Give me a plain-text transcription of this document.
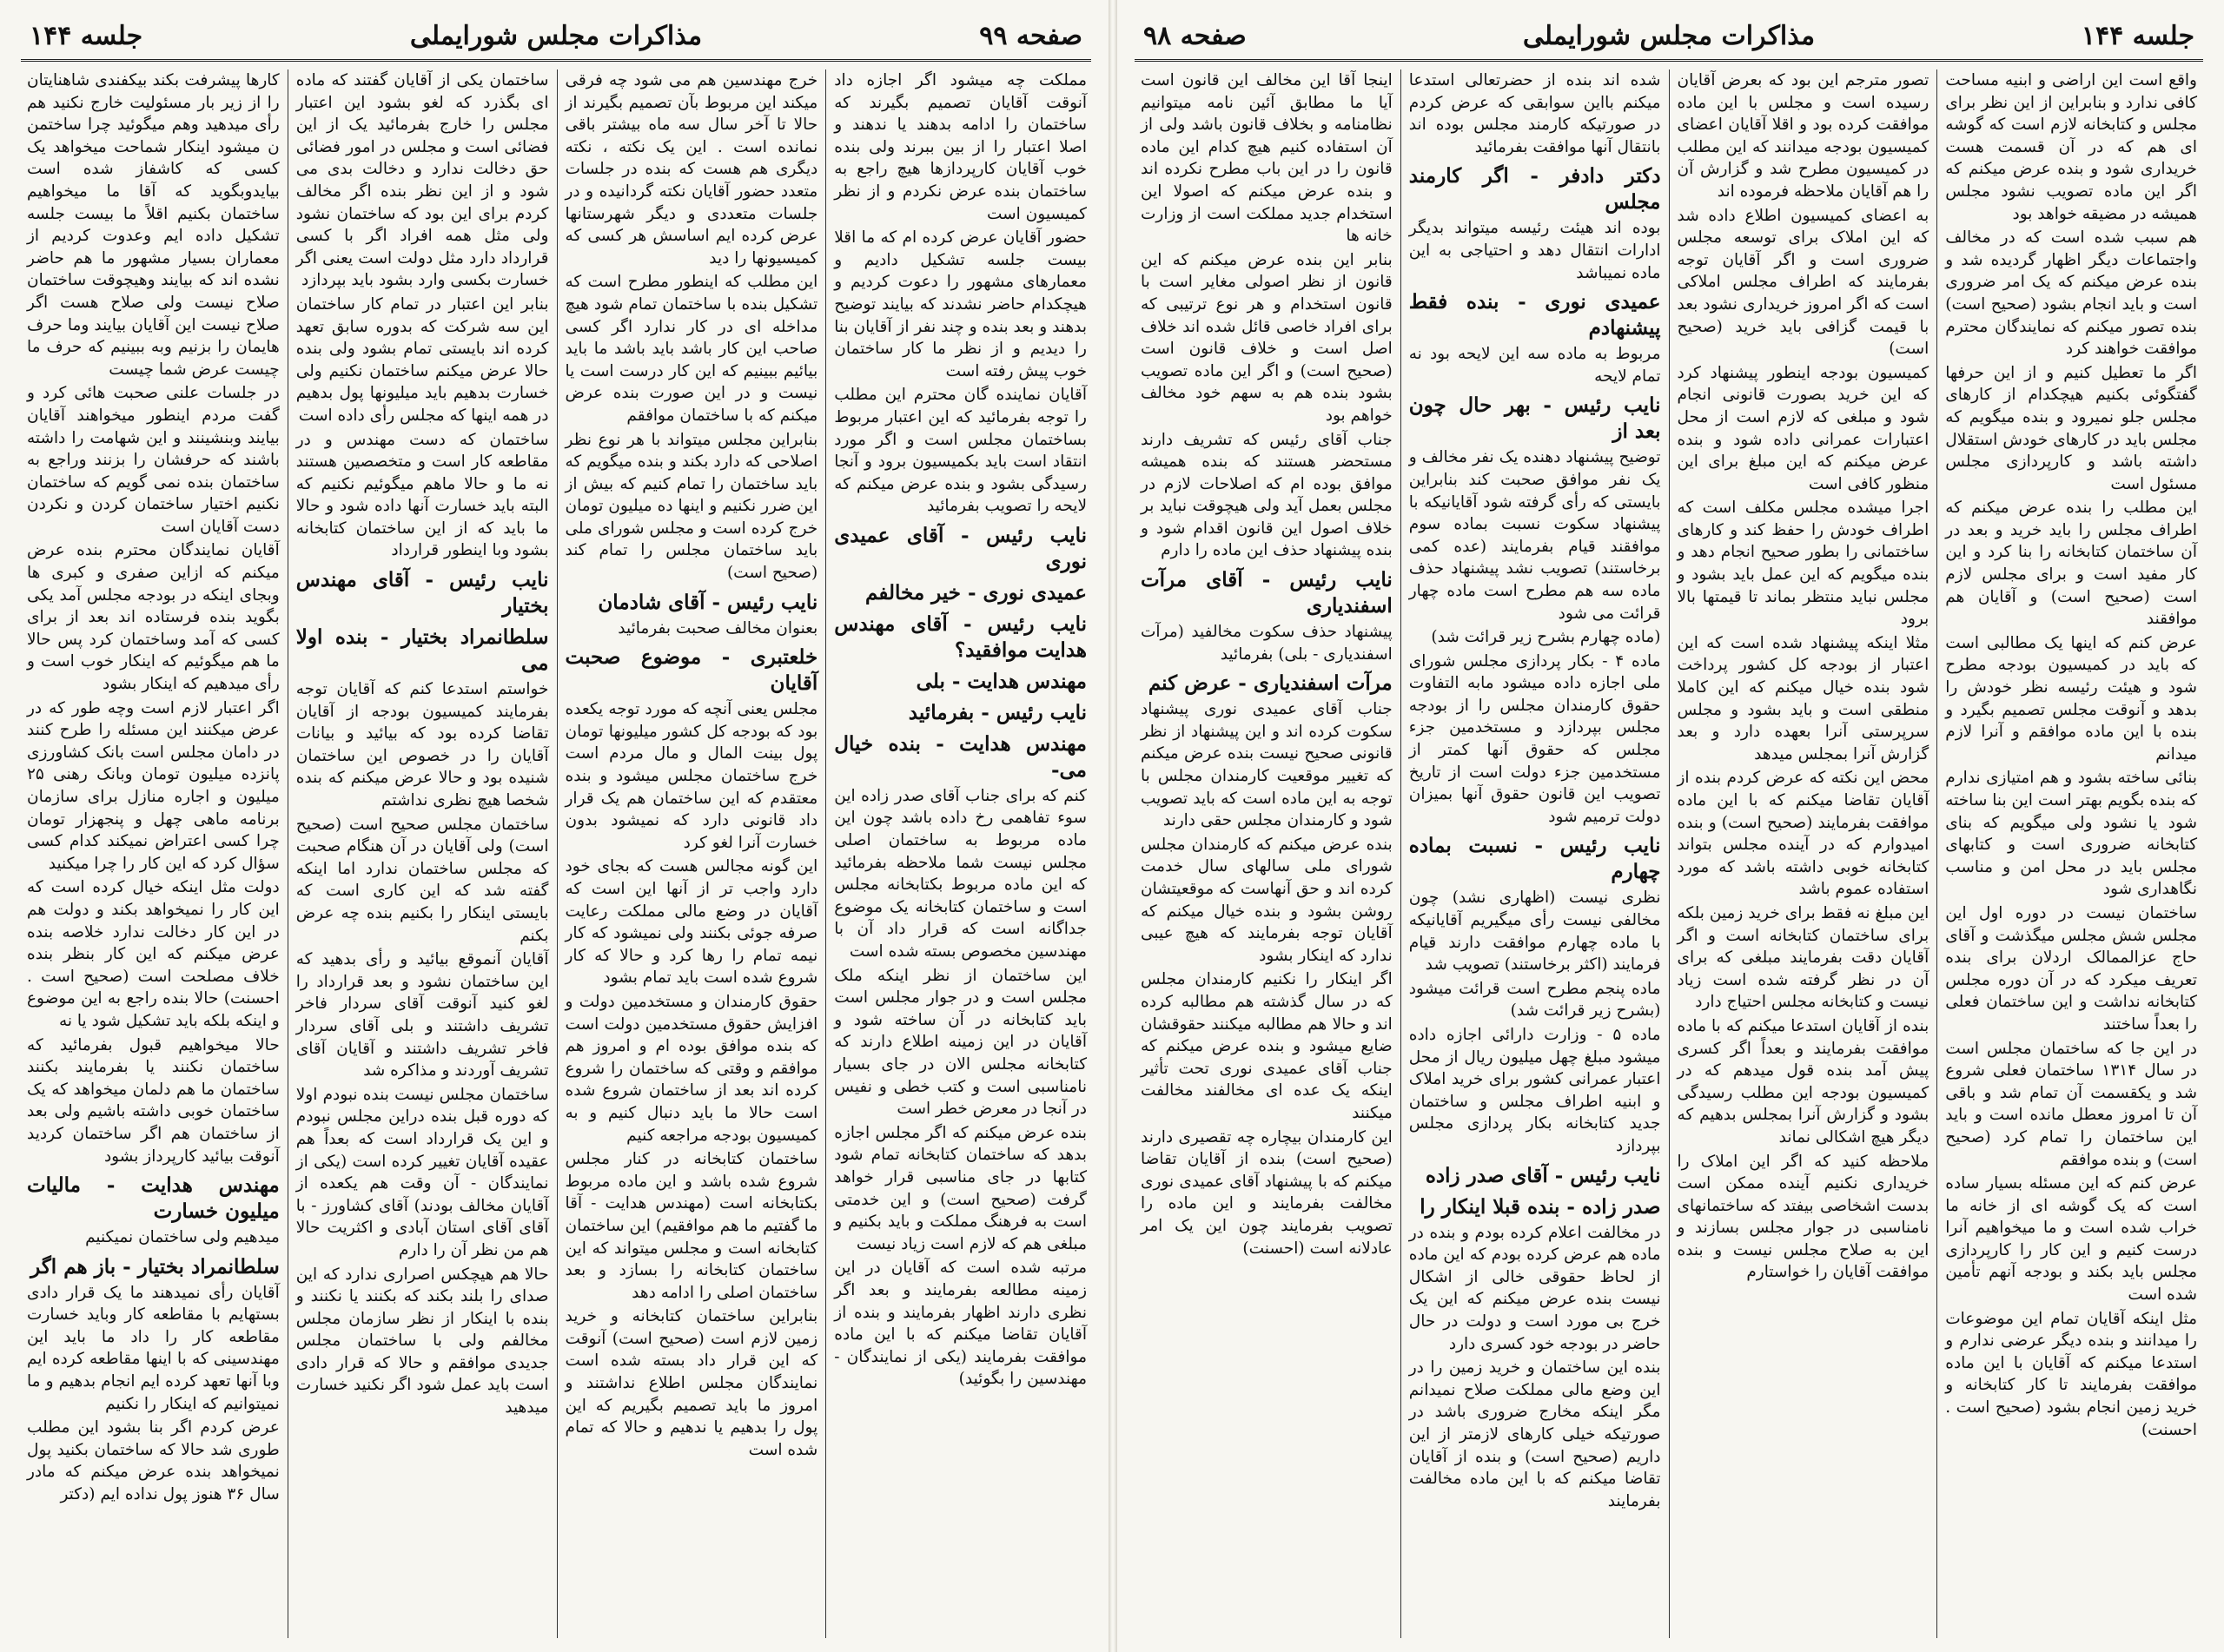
جلسه ۱۴۴	مذاکرات مجلس شورایملی	صفحه ۹۹

مملکت چه میشود اگر اجازه داد آنوقت آقایان تصمیم بگیرند که ساختمان را ادامه بدهند یا ندهند و اصلا اعتبار را از بین ببرند ولی بنده خوب آقایان کارپردازها هیچ راجع به ساختمان بنده عرض نکردم و از نظر کمیسیون است

حضور آقایان عرض کرده ام که ما اقلا بیست جلسه تشکیل دادیم و معمارهای مشهور را دعوت کردیم و هیچکدام حاضر نشدند که بیایند توضیح بدهند و بعد بنده و چند نفر از آقایان بنا را دیدیم و از نظر ما کار ساختمان خوب پیش رفته است

آقایان نماینده گان محترم این مطلب را توجه بفرمائید که این اعتبار مربوط بساختمان مجلس است و اگر مورد انتقاد است باید بکمیسیون برود و آنجا رسیدگی بشود و بنده عرض میکنم که لایحه را تصویب بفرمائید

نایب رئیس - آقای عمیدی نوری
عمیدی نوری - خیر مخالفم
نایب رئیس - آقای مهندس هدایت موافقید؟
مهندس هدایت - بلی
نایب رئیس - بفرمائید
مهندس هدایت - بنده خیال می-

کنم که برای جناب آقای صدر زاده این سوء تفاهمی رخ داده باشد چون این ماده مربوط به ساختمان اصلی مجلس نیست شما ملاحظه بفرمائید که این ماده مربوط بکتابخانه مجلس است و ساختمان کتابخانه یک موضوع جداگانه است که قرار داد آن با مهندسین مخصوص بسته شده است

این ساختمان از نظر اینکه ملک مجلس است و در جوار مجلس است باید کتابخانه در آن ساخته شود و آقایان در این زمینه اطلاع دارند که کتابخانه مجلس الان در جای بسیار نامناسبی است و کتب خطی و نفیس در آنجا در معرض خطر است

بنده عرض میکنم که اگر مجلس اجازه بدهد که ساختمان کتابخانه تمام شود کتابها در جای مناسبی قرار خواهد گرفت (صحیح است) و این خدمتی است به فرهنگ مملکت و باید بکنیم و مبلغی هم که لازم است زیاد نیست

مرتبه شده است که آقایان در این زمینه مطالعه بفرمایند و بعد اگر نظری دارند اظهار بفرمایند و بنده از آقایان تقاضا میکنم که با این ماده موافقت بفرمایند (یکی از نمایندگان - مهندسین را بگوئید)

خرج مهندسین هم می شود چه فرقی میکند این مربوط بآن تصمیم بگیرند از حالا تا آخر سال سه ماه بیشتر باقی نمانده است . این یک نکته ، نکته دیگری هم هست که بنده در جلسات متعدد حضور آقایان نکته گردانیده و در جلسات متعددی و دیگر شهرستانها عرض کرده ایم اساسش هر کسی که کمیسیونها را دید

این مطلب که اینطور مطرح است که تشکیل بنده با ساختمان تمام شود هیچ مداخله ای در کار ندارد اگر کسی صاحب این کار باشد باید باشد ما باید بیائیم ببینیم که این کار درست است یا نیست و در این صورت بنده عرض میکنم که با ساختمان موافقم

بنابراین مجلس میتواند با هر نوع نظر اصلاحی که دارد بکند و بنده میگویم که باید ساختمان را تمام کنیم که بیش از این ضرر نکنیم و اینها ده میلیون تومان خرج کرده است و مجلس شورای ملی باید ساختمان مجلس را تمام کند (صحیح است)

نایب رئیس - آقای شادمان

بعنوان مخالف صحبت بفرمائید

خلعتبری - موضوع صحبت آقایان

مجلس یعنی آنچه که مورد توجه یکعده بود که بودجه کل کشور میلیونها تومان پول بینت المال و مال مردم است خرج ساختمان مجلس میشود و بنده معتقدم که این ساختمان هم یک قرار داد قانونی دارد که نمیشود بدون خسارت آنرا لغو کرد

این گونه مجالس هست که بجای خود دارد واجب تر از آنها این است که آقایان در وضع مالی مملکت رعایت صرفه جوئی بکنند ولی نمیشود که کار نیمه تمام را رها کرد و حالا که کار شروع شده است باید تمام بشود

حقوق کارمندان و مستخدمین دولت و افزایش حقوق مستخدمین دولت است که بنده موافق بوده ام و امروز هم موافقم و وقتی که ساختمان را شروع کرده اند بعد از ساختمان شروع شده است حالا ما باید دنبال کنیم و به کمیسیون بودجه مراجعه کنیم

ساختمان کتابخانه در کنار مجلس شروع شده باشد و این ماده مربوط بکتابخانه است (مهندس هدایت - آقا ما گفتیم ما هم موافقیم) این ساختمان کتابخانه است و مجلس میتواند که این ساختمان کتابخانه را بسازد و بعد ساختمان اصلی را ادامه دهد

بنابراین ساختمان کتابخانه و خرید زمین لازم است (صحیح است) آنوقت که این قرار داد بسته شده است نمایندگان مجلس اطلاع نداشتند و امروز ما باید تصمیم بگیریم که این پول را بدهیم یا ندهیم و حالا که تمام شده است

ساختمان یکی از آقایان گفتند که ماده ای بگذرد که لغو بشود این اعتبار مجلس را خارج بفرمائید یک از این فضائی است و مجلس در امور فضائی حق دخالت ندارد و دخالت بدی می شود و از این نظر بنده اگر مخالف کردم برای این بود که ساختمان نشود ولی مثل همه افراد اگر با کسی قرارداد دارد مثل دولت است یعنی اگر خسارت بکسی وارد بشود باید بپردازد

بنابر این اعتبار در تمام کار ساختمان این سه شرکت که بدوره سابق تعهد کرده اند بایستی تمام بشود ولی بنده حالا عرض میکنم ساختمان نکنیم ولی خسارت بدهیم باید میلیونها پول بدهیم در همه اینها که مجلس رأی داده است

ساختمان که دست مهندس و در مقاطعه کار است و متخصصین هستند نه ما و حالا ماهم میگوئیم نکنیم که البته باید خسارت آنها داده شود و حالا ما باید که از این ساختمان کتابخانه بشود وبا اینطور قرارداد

نایب رئیس - آقای مهندس بختیار
سلطانمراد بختیار - بنده اولا می

خواستم استدعا کنم که آقایان توجه بفرمایند کمیسیون بودجه از آقایان تقاضا کرده بود که بیائید و بیانات آقایان را در خصوص این ساختمان شنیده بود و حالا عرض میکنم که بنده شخصا هیچ نظری نداشتم

ساختمان مجلس صحیح است (صحیح است) ولی آقایان در آن هنگام صحبت که مجلس ساختمان ندارد اما اینکه گفته شد که این کاری است که بایستی اینکار را بکنیم بنده چه عرض بکنم

آقایان آنموقع بیائید و رأی بدهید که این ساختمان نشود و بعد قرارداد را لغو کنید آنوقت آقای سردار فاخر تشریف داشتند و بلی آقای سردار فاخر تشریف داشتند و آقایان آقای تشریف آوردند و مذاکره شد

ساختمان مجلس نیست بنده نبودم اولا که دوره قبل بنده دراین مجلس نبودم و این یک قرارداد است که بعداً هم عقیده آقایان تغییر کرده است (یکی از نمایندگان - آن وقت هم یکعده از آقایان مخالف بودند) آقای کشاورز - با آقای آقای استان آبادی و اکثریت حالا هم من نظر آن را دارم

حالا هم هیچکس اصراری ندارد که این صدای را بلند بکند که بکنند یا نکنند و بنده با اینکار از نظر سازمان مجلس مخالفم ولی با ساختمان مجلس جدیدی موافقم و حالا که قرار دادی است باید عمل شود اگر نکنید خسارت میدهید

کارها پیشرفت بکند بیکفندی شاهنایتان را از زیر بار مسئولیت خارج نکنید هم رأی میدهید وهم میگوئید چرا ساختمن ن میشود اینکار شماحت میخواهد یک کسی که کاشفاز شده است بیایدوبگوید که آقا ما میخواهیم ساختمان بکنیم اقلاً ما بیست جلسه تشکیل داده ایم وعدوت کردیم از معماران بسیار مشهور ما هم حاضر نشده اند که بیایند وهیچوقت ساختمان صلاح نیست ولی صلاح هست اگر صلاح نیست این آقایان بیایند وما حرف هایمان را بزنیم وبه ببینیم که حرف ما چیست عرض شما چیست

در جلسات علنی صحبت هائی کرد و گفت مردم اینطور میخواهند آقایان بیایند وبنشینند و این شهامت را داشته باشند که حرفشان را بزنند وراجع به ساختمان بنده نمی گویم که ساختمان نکنیم اختیار ساختمان کردن و نکردن دست آقایان است

آقایان نمایندگان محترم بنده عرض میکنم که ازاین صفری و کبری ها وبجای اینکه در بودجه مجلس آمد یکی بگوید بنده فرستاده اند بعد از برای کسی که آمد وساختمان کرد پس حالا ما هم میگوئیم که اینکار خوب است و رأی میدهیم که اینکار بشود

اگر اعتبار لازم است وچه طور که در عرض میکنند این مسئله را طرح کنند در دامان مجلس است بانک کشاورزی پانزده میلیون تومان وبانک رهنی ۲۵ میلیون و اجاره منازل برای سازمان برنامه ماهی چهل و پنجهزار تومان چرا کسی اعتراض نمیکند کدام کسی سؤال کرد که این کار را چرا میکنید

دولت مثل اینکه خیال کرده است که این کار را نمیخواهد بکند و دولت هم در این کار دخالت ندارد خلاصه بنده عرض میکنم که این کار بنظر بنده خلاف مصلحت است (صحیح است . احسنت) حالا بنده راجع به این موضوع و اینکه بلکه باید تشکیل شود یا نه

حالا میخواهیم قبول بفرمائید که ساختمان نکنند یا بفرمایند بکنند ساختمان ما هم دلمان میخواهد که یک ساختمان خوبی داشته باشیم ولی بعد از ساختمان هم اگر ساختمان کردید آنوقت بیائید کارپرداز بشود

مهندس هدایت - مالیات میلیون خسارت

میدهیم ولی ساختمان نمیکنیم

سلطانمراد بختیار - باز هم اگر

آقایان رأی نمیدهند ما یک قرار دادی بستهایم با مقاطعه کار وباید خسارت مقاطعه کار را داد ما باید این مهندسینی که با اینها مقاطعه کرده ایم وبا آنها تعهد کرده ایم انجام بدهیم و ما نمیتوانیم که اینکار را نکنیم

عرض کردم اگر بنا بشود این مطلب طوری شد حالا که ساختمان بکنید پول نمیخواهد بنده عرض میکنم که مادر سال ۳۶ هنوز پول نداده ایم (دکتر

صفحه ۹۸	مذاکرات مجلس شورایملی	جلسه ۱۴۴

واقع است این اراضی و ابنیه مساحت کافی ندارد و بنابراین از این نظر برای مجلس و کتابخانه لازم است که گوشه ای هم که در آن قسمت هست خریداری شود و بنده عرض میکنم که اگر این ماده تصویب نشود مجلس همیشه در مضیقه خواهد بود

هم سبب شده است که در مخالف واجتماعات دیگر اظهار گردیده شد و بنده عرض میکنم که یک امر ضروری است و باید انجام بشود (صحیح است) بنده تصور میکنم که نمایندگان محترم موافقت خواهند کرد

اگر ما تعطیل کنیم و از این حرفها گفتگوئی بکنیم هیچکدام از کارهای مجلس جلو نمیرود و بنده میگویم که مجلس باید در کارهای خودش استقلال داشته باشد و کارپردازی مجلس مسئول است

این مطلب را بنده عرض میکنم که اطراف مجلس را باید خرید و بعد در آن ساختمان کتابخانه را بنا کرد و این کار مفید است و برای مجلس لازم است (صحیح است) و آقایان هم موافقند

عرض کنم که اینها یک مطالبی است که باید در کمیسیون بودجه مطرح شود و هیئت رئیسه نظر خودش را بدهد و آنوقت مجلس تصمیم بگیرد و بنده با این ماده موافقم و آنرا لازم میدانم

بنائی ساخته بشود و هم امتیازی ندارم که بنده بگویم بهتر است این بنا ساخته شود یا نشود ولی میگویم که بنای کتابخانه ضروری است و کتابهای مجلس باید در محل امن و مناسب نگاهداری شود

ساختمان نیست در دوره اول این مجلس شش مجلس میگذشت و آقای حاج عزالممالک اردلان برای بنده تعریف میکرد که در آن دوره مجلس کتابخانه نداشت و این ساختمان فعلی را بعداً ساختند

در این جا که ساختمان مجلس است در سال ۱۳۱۴ ساختمان فعلی شروع شد و یکقسمت آن تمام شد و باقی آن تا امروز معطل مانده است و باید این ساختمان را تمام کرد (صحیح است) و بنده موافقم

عرض کنم که این مسئله بسیار ساده است که یک گوشه ای از خانه ما خراب شده است و ما میخواهیم آنرا درست کنیم و این کار را کارپردازی مجلس باید بکند و بودجه آنهم تأمین شده است

مثل اینکه آقایان تمام این موضوعات را میدانند و بنده دیگر عرضی ندارم و استدعا میکنم که آقایان با این ماده موافقت بفرمایند تا کار کتابخانه و خرید زمین انجام بشود (صحیح است . احسنت)

تصور مترجم این بود که بعرض آقایان رسیده است و مجلس با این ماده موافقت کرده بود و اقلا آقایان اعضای کمیسیون بودجه میدانند که این مطلب در کمیسیون مطرح شد و گزارش آن را هم آقایان ملاحظه فرموده اند

به اعضای کمیسیون اطلاع داده شد که این املاک برای توسعه مجلس ضروری است و اگر آقایان توجه بفرمایند که اطراف مجلس املاکی است که اگر امروز خریداری نشود بعد با قیمت گزافی باید خرید (صحیح است)

کمیسیون بودجه اینطور پیشنهاد کرد که این خرید بصورت قانونی انجام شود و مبلغی که لازم است از محل اعتبارات عمرانی داده شود و بنده عرض میکنم که این مبلغ برای این منظور کافی است

اجرا میشده مجلس مکلف است که اطراف خودش را حفظ کند و کارهای ساختمانی را بطور صحیح انجام دهد و بنده میگویم که این عمل باید بشود و مجلس نباید منتظر بماند تا قیمتها بالا برود

مثلا اینکه پیشنهاد شده است که این اعتبار از بودجه کل کشور پرداخت شود بنده خیال میکنم که این کاملا منطقی است و باید بشود و مجلس سرپرستی آنرا بعهده دارد و بعد گزارش آنرا بمجلس میدهد

محض این نکته که عرض کردم بنده از آقایان تقاضا میکنم که با این ماده موافقت بفرمایند (صحیح است) و بنده امیدوارم که در آینده مجلس بتواند کتابخانه خوبی داشته باشد که مورد استفاده عموم باشد

این مبلغ نه فقط برای خرید زمین بلکه برای ساختمان کتابخانه است و اگر آقایان دقت بفرمایند مبلغی که برای آن در نظر گرفته شده است زیاد نیست و کتابخانه مجلس احتیاج دارد

بنده از آقایان استدعا میکنم که با ماده موافقت بفرمایند و بعداً اگر کسری پیش آمد بنده قول میدهم که در کمیسیون بودجه این مطلب رسیدگی بشود و گزارش آنرا بمجلس بدهیم که دیگر هیچ اشکالی نماند

ملاحظه کنید که اگر این املاک را خریداری نکنیم آینده ممکن است بدست اشخاصی بیفتد که ساختمانهای نامناسبی در جوار مجلس بسازند و این به صلاح مجلس نیست و بنده موافقت آقایان را خواستارم

شده اند بنده از حضرتعالی استدعا میکنم بااین سوابقی که عرض کردم در صورتیکه کارمند مجلس بوده اند بانتقال آنها موافقت بفرمائید

دکتر دادفر - اگر کارمند مجلس

بوده اند هیئت رئیسه میتواند بدیگر ادارات انتقال دهد و احتیاجی به این ماده نمیباشد

عمیدی نوری - بنده فقط پیشنهادم

مربوط به ماده سه این لایحه بود نه تمام لایحه

نایب رئیس - بهر حال چون بعد از

توضیح پیشنهاد دهنده یک نفر مخالف و یک نفر موافق صحبت کند بنابراین بایستی که رأی گرفته شود آقایانیکه با پیشنهاد سکوت نسبت بماده سوم موافقند قیام بفرمایند (عده کمی برخاستند) تصویب نشد پیشنهاد حذف ماده سه هم مطرح است ماده چهار قرائت می شود

(ماده چهارم بشرح زیر قرائت شد)

ماده ۴ - بکار پردازی مجلس شورای ملی اجازه داده میشود مابه التفاوت حقوق کارمندان مجلس را از بودجه مجلس بپردازد و مستخدمین جزء مجلس که حقوق آنها کمتر از مستخدمین جزء دولت است از تاریخ تصویب این قانون حقوق آنها بمیزان دولت ترمیم شود

نایب رئیس - نسبت بماده چهارم

نظری نیست (اظهاری نشد) چون مخالفی نیست رأی میگیریم آقایانیکه با ماده چهارم موافقت دارند قیام فرمایند (اکثر برخاستند) تصویب شد

ماده پنجم مطرح است قرائت میشود (بشرح زیر قرائت شد)

ماده ۵ - وزارت دارائی اجازه داده میشود مبلغ چهل میلیون ریال از محل اعتبار عمرانی کشور برای خرید املاک و ابنیه اطراف مجلس و ساختمان جدید کتابخانه بکار پردازی مجلس بپردازد

نایب رئیس - آقای صدر زاده
صدر زاده - بنده قبلا اینکار را

در مخالفت اعلام کرده بودم و بنده در ماده هم عرض کرده بودم که این ماده از لحاظ حقوقی خالی از اشکال نیست بنده عرض میکنم که این یک خرج بی مورد است و دولت در حال حاضر در بودجه خود کسری دارد

بنده این ساختمان و خرید زمین را در این وضع مالی مملکت صلاح نمیدانم مگر اینکه مخارج ضروری باشد در صورتیکه خیلی کارهای لازمتر از این داریم (صحیح است) و بنده از آقایان تقاضا میکنم که با این ماده مخالفت بفرمایند

اینجا آقا این مخالف این قانون است آیا ما مطابق آئین نامه میتوانیم نظامنامه و بخلاف قانون باشد ولی از آن استفاده کنیم هیچ کدام این ماده قانون را در این باب مطرح نکرده اند و بنده عرض میکنم که اصولا این استخدام جدید مملکت است از وزارت خانه ها

بنابر این بنده عرض میکنم که این قانون از نظر اصولی مغایر است با قانون استخدام و هر نوع ترتیبی که برای افراد خاصی قائل شده اند خلاف اصل است و خلاف قانون است (صحیح است) و اگر این ماده تصویب بشود بنده هم به سهم خود مخالف خواهم بود

جناب آقای رئیس که تشریف دارند مستحضر هستند که بنده همیشه موافق بوده ام که اصلاحات لازم در مجلس بعمل آید ولی هیچوقت نباید بر خلاف اصول این قانون اقدام شود و بنده پیشنهاد حذف این ماده را دارم

نایب رئیس - آقای مرآت اسفندیاری

پیشنهاد حذف سکوت مخالفید (مرآت اسفندیاری - بلی) بفرمائید

مرآت اسفندیاری - عرض کنم

جناب آقای عمیدی نوری پیشنهاد سکوت کرده اند و این پیشنهاد از نظر قانونی صحیح نیست بنده عرض میکنم که تغییر موقعیت کارمندان مجلس با توجه به این ماده است که باید تصویب شود و کارمندان مجلس حقی دارند

بنده عرض میکنم که کارمندان مجلس شورای ملی سالهای سال خدمت کرده اند و حق آنهاست که موقعیتشان روشن بشود و بنده خیال میکنم که آقایان توجه بفرمایند که هیچ عیبی ندارد که اینکار بشود

اگر اینکار را نکنیم کارمندان مجلس که در سال گذشته هم مطالبه کرده اند و حالا هم مطالبه میکنند حقوقشان ضایع میشود و بنده عرض میکنم که جناب آقای عمیدی نوری تحت تأثیر اینکه یک عده ای مخالفند مخالفت میکنند

این کارمندان بیچاره چه تقصیری دارند (صحیح است) بنده از آقایان تقاضا میکنم که با پیشنهاد آقای عمیدی نوری مخالفت بفرمایند و این ماده را تصویب بفرمایند چون این یک امر عادلانه است (احسنت)
